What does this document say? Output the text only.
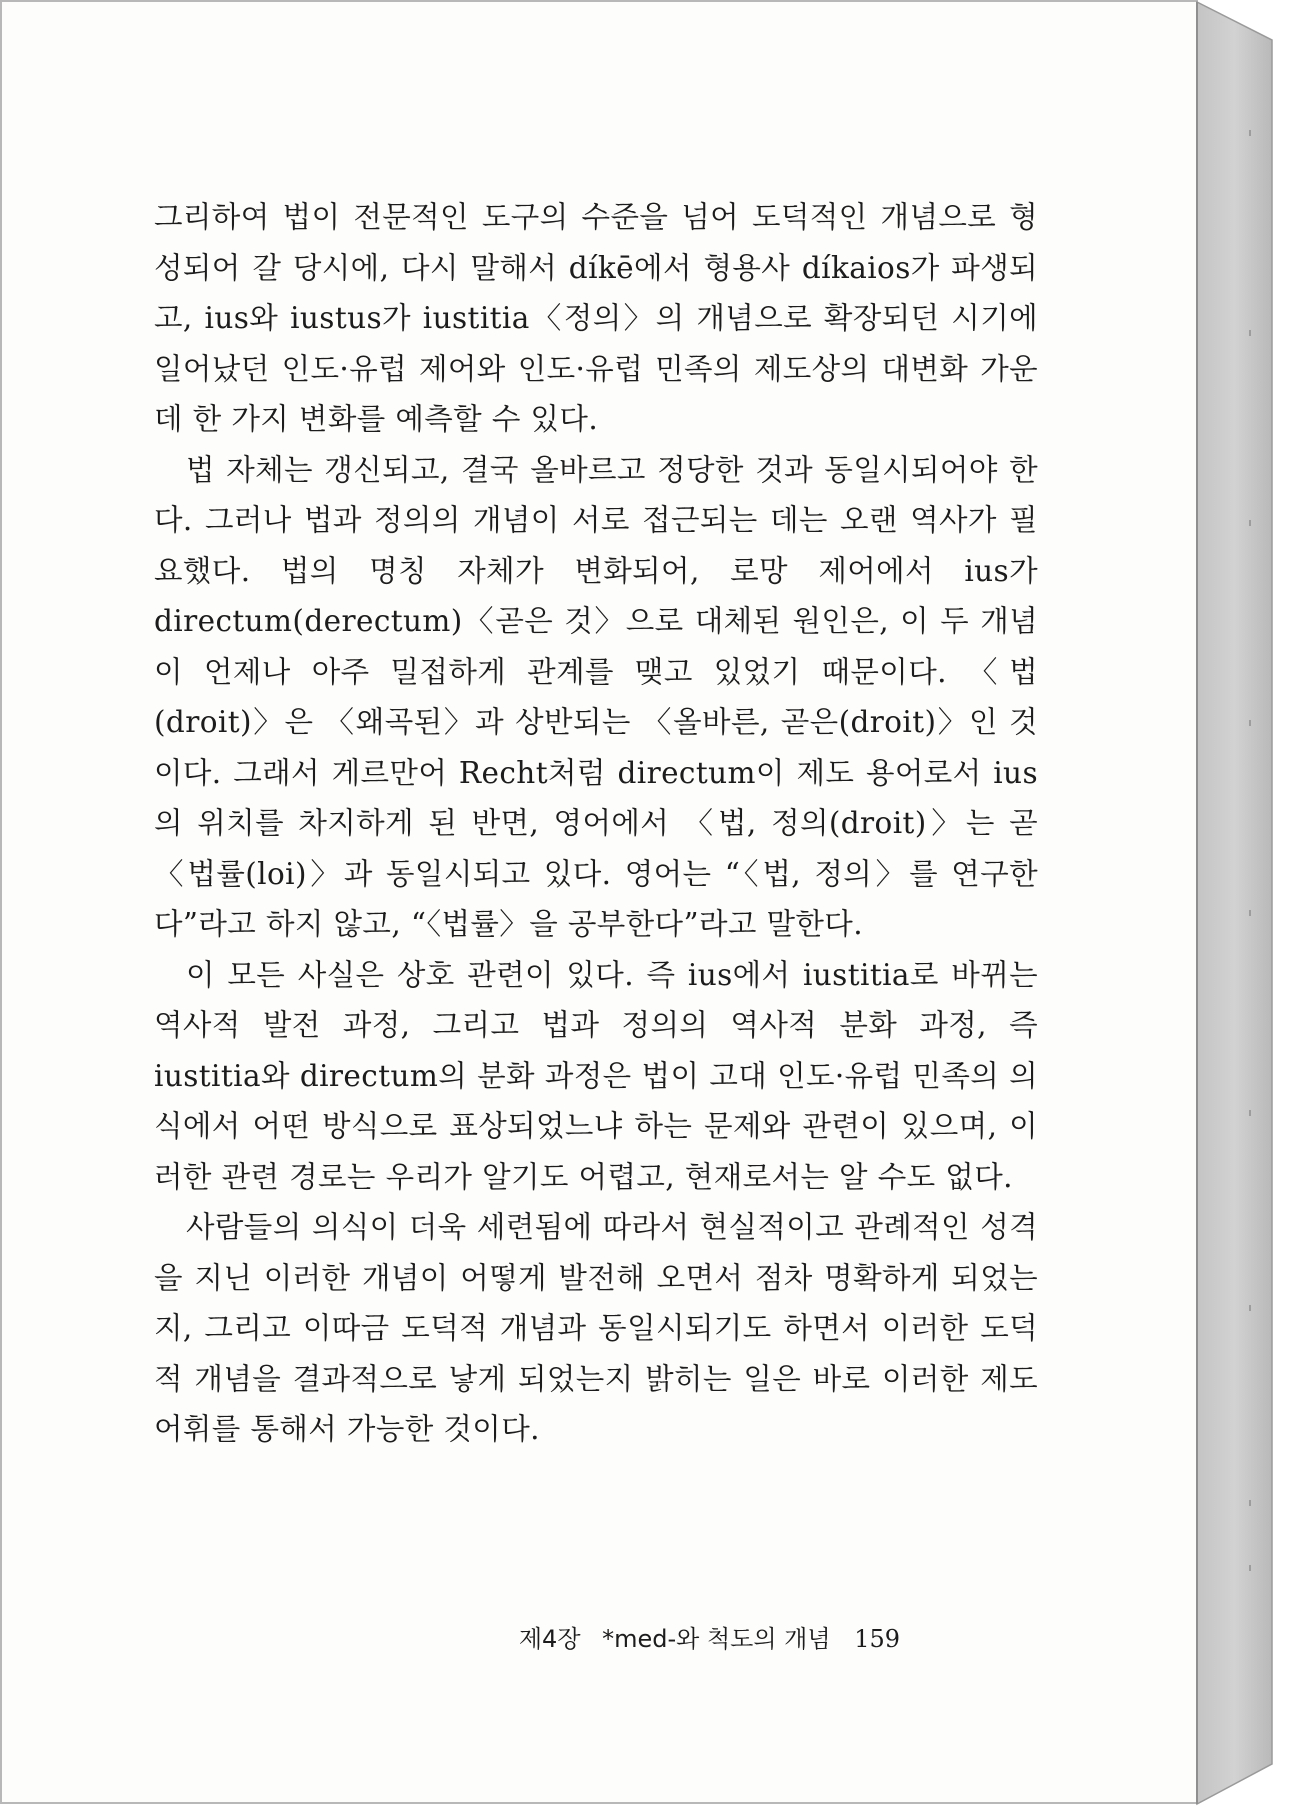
그리하여 법이 전문적인 도구의 수준을 넘어 도덕적인 개념으로 형성되어 갈 당시에, 다시 말해서 díkē에서 형용사 díkaios가 파생되고, ius와 iustus가 iustitia〈정의〉의 개념으로 확장되던 시기에 일어났던 인도·유럽 제어와 인도·유럽 민족의 제도상의 대변화 가운데 한 가지 변화를 예측할 수 있다.

법 자체는 갱신되고, 결국 올바르고 정당한 것과 동일시되어야 한다. 그러나 법과 정의의 개념이 서로 접근되는 데는 오랜 역사가 필요했다. 법의 명칭 자체가 변화되어, 로망 제어에서 ius가 directum(derectum)〈곧은 것〉으로 대체된 원인은, 이 두 개념이 언제나 아주 밀접하게 관계를 맺고 있었기 때문이다. 〈법(droit)〉은 〈왜곡된〉과 상반되는 〈올바른, 곧은(droit)〉인 것이다. 그래서 게르만어 Recht처럼 directum이 제도 용어로서 ius의 위치를 차지하게 된 반면, 영어에서 〈법, 정의(droit)〉는 곧 〈법률(loi)〉과 동일시되고 있다. 영어는 “〈법, 정의〉를 연구한다”라고 하지 않고, “〈법률〉을 공부한다”라고 말한다.

이 모든 사실은 상호 관련이 있다. 즉 ius에서 iustitia로 바뀌는 역사적 발전 과정, 그리고 법과 정의의 역사적 분화 과정, 즉 iustitia와 directum의 분화 과정은 법이 고대 인도·유럽 민족의 의식에서 어떤 방식으로 표상되었느냐 하는 문제와 관련이 있으며, 이러한 관련 경로는 우리가 알기도 어렵고, 현재로서는 알 수도 없다.

사람들의 의식이 더욱 세련됨에 따라서 현실적이고 관례적인 성격을 지닌 이러한 개념이 어떻게 발전해 오면서 점차 명확하게 되었는지, 그리고 이따금 도덕적 개념과 동일시되기도 하면서 이러한 도덕적 개념을 결과적으로 낳게 되었는지 밝히는 일은 바로 이러한 제도 어휘를 통해서 가능한 것이다.

제4장 *med-와 척도의 개념 159
